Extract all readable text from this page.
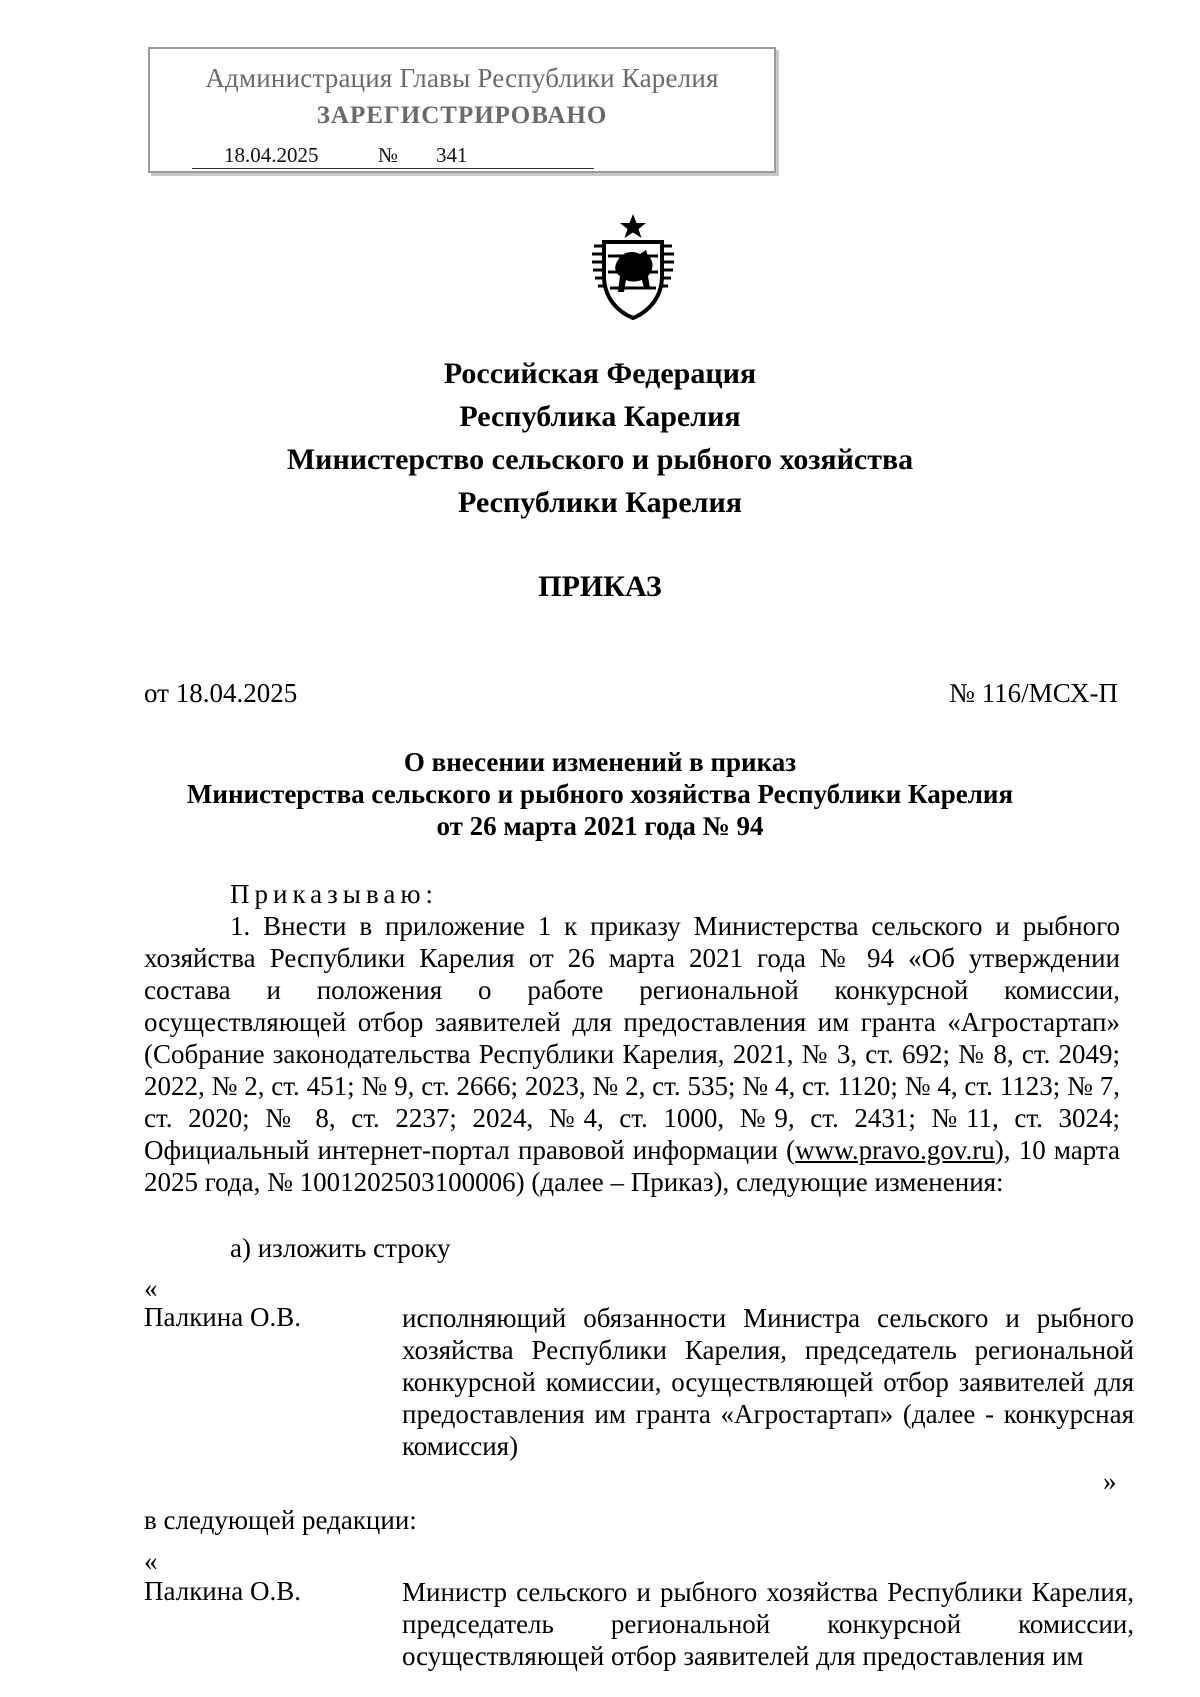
Администрация Главы Республики Карелия
ЗАРЕГИСТРИРОВАНО
18.04.2025	№	341
Российская Федерация
Республика Карелия
Министерство сельского и рыбного хозяйства
Республики Карелия
ПРИКАЗ
от 18.04.2025	№ 116/МСХ-П
О внесении изменений в приказ
Министерства сельского и рыбного хозяйства Республики Карелия
от 26 марта 2021 года № 94
Приказываю:
1. Внести в приложение 1 к приказу Министерства сельского и рыбного хозяйства Республики Карелия от 26 марта 2021 года № 94 «Об утверждении состава и положения о работе региональной конкурсной комиссии, осуществляющей отбор заявителей для предоставления им гранта «Агростартап» (Собрание законодательства Республики Карелия, 2021, № 3, ст. 692; № 8, ст. 2049; 2022, № 2, ст. 451; № 9, ст. 2666; 2023, № 2, ст. 535; № 4, ст. 1120; № 4, ст. 1123; № 7, ст. 2020; № 8, ст. 2237; 2024, №4, ст. 1000, №9, ст. 2431; №11, ст. 3024; Официальный интернет-портал правовой информации (www.pravo.gov.ru), 10 марта 2025 года, № 1001202503100006) (далее – Приказ), следующие изменения:
а) изложить строку
«
Палкина О.В.	исполняющий обязанности Министра сельского и рыбного хозяйства Республики Карелия, председатель региональной конкурсной комиссии, осуществляющей отбор заявителей для предоставления им гранта «Агростартап» (далее - конкурсная комиссия)
»
в следующей редакции:
«
Палкина О.В.	Министр сельского и рыбного хозяйства Республики Карелия, председатель региональной конкурсной комиссии, осуществляющей отбор заявителей для предоставления им
